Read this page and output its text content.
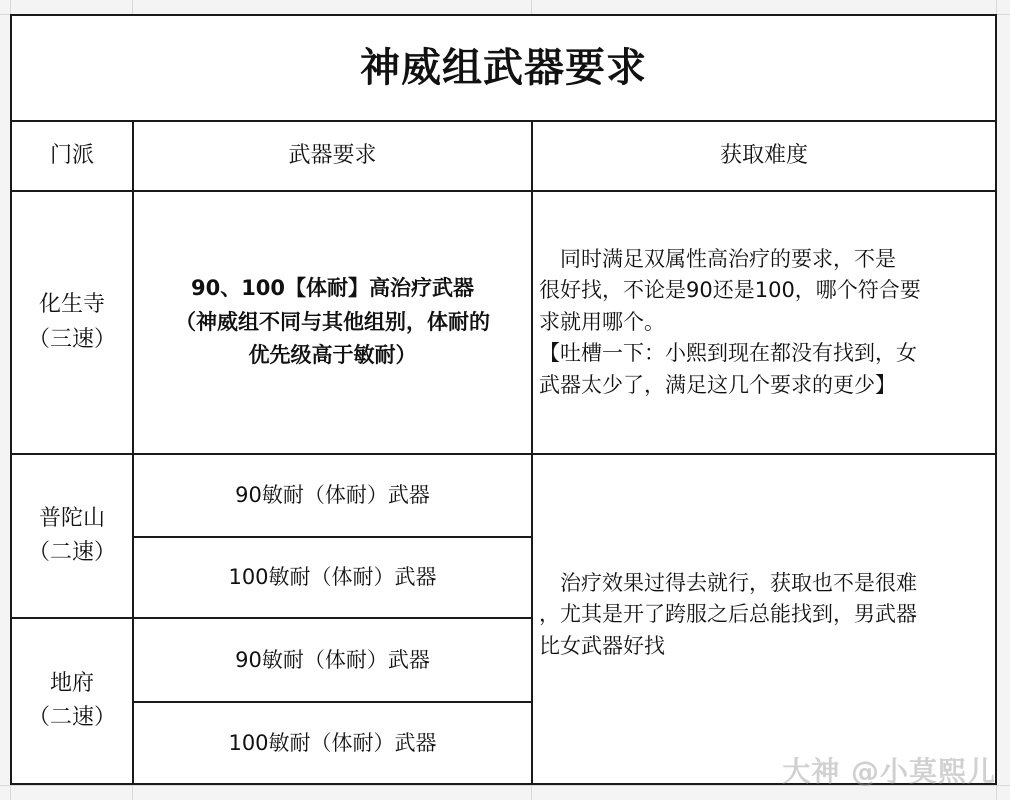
神威组武器要求
门派	武器要求	获取难度
化生寺
（三速）
90、100【体耐】高治疗武器
（神威组不同与其他组别，体耐的
优先级高于敏耐）

同时满足双属性高治疗的要求，不是

很好找，不论是90还是100，哪个符合要

求就用哪个。

【吐槽一下：小熙到现在都没有找到，女

武器太少了，满足这几个要求的更少】

普陀山
（二速）
90敏耐（体耐）武器
100敏耐（体耐）武器
地府
（二速）
90敏耐（体耐）武器
100敏耐（体耐）武器

治疗效果过得去就行，获取也不是很难

，尤其是开了跨服之后总能找到，男武器

比女武器好找

大神 @小莫熙儿
